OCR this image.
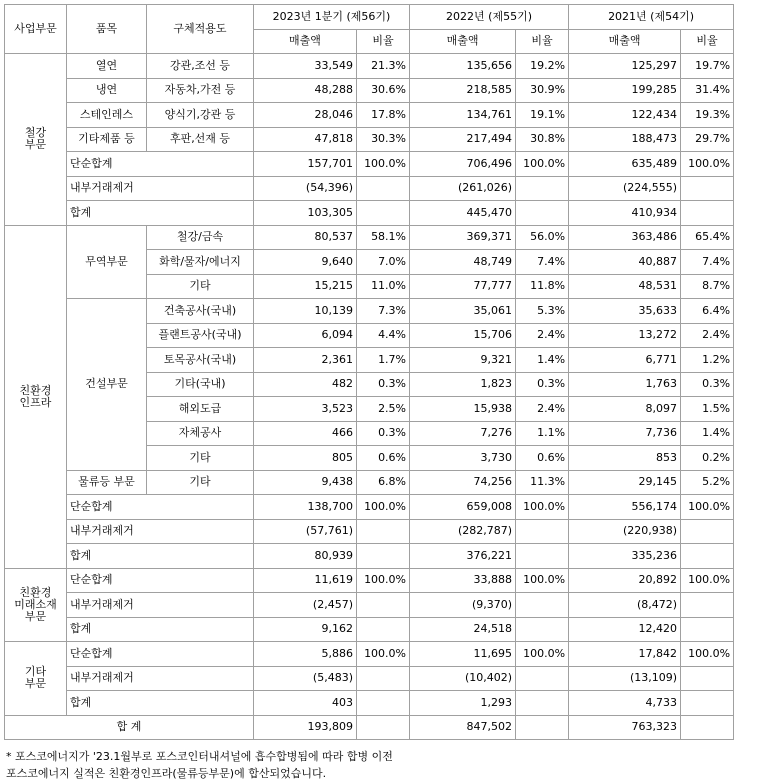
사업부문	품목	구체적용도	2023년 1분기 (제56기)		2022년 (제55기)		2021년 (제54기)	
			매출액	비율	매출액	비율	매출액	비율

철강
부문	열연	강관,조선 등	33,549	21.3%	135,656	19.2%	125,297	19.7%
	냉연	자동차,가전 등	48,288	30.6%	218,585	30.9%	199,285	31.4%
	스테인레스	양식기,강관 등	28,046	17.8%	134,761	19.1%	122,434	19.3%
	기타제품 등	후판,선재 등	47,818	30.3%	217,494	30.8%	188,473	29.7%
	단순합계		157,701	100.0%	706,496	100.0%	635,489	100.0%
	내부거래제거		(54,396)		(261,026)		(224,555)	
	합계		103,305		445,470		410,934	

친환경
인프라	무역부문	철강/금속	80,537	58.1%	369,371	56.0%	363,486	65.4%
		화학/물자/에너지	9,640	7.0%	48,749	7.4%	40,887	7.4%
		기타	15,215	11.0%	77,777	11.8%	48,531	8.7%
	건설부문	건축공사(국내)	10,139	7.3%	35,061	5.3%	35,633	6.4%
		플랜트공사(국내)	6,094	4.4%	15,706	2.4%	13,272	2.4%
		토목공사(국내)	2,361	1.7%	9,321	1.4%	6,771	1.2%
		기타(국내)	482	0.3%	1,823	0.3%	1,763	0.3%
		해외도급	3,523	2.5%	15,938	2.4%	8,097	1.5%
		자체공사	466	0.3%	7,276	1.1%	7,736	1.4%
		기타	805	0.6%	3,730	0.6%	853	0.2%
	물류등 부문	기타	9,438	6.8%	74,256	11.3%	29,145	5.2%
	단순합계		138,700	100.0%	659,008	100.0%	556,174	100.0%
	내부거래제거		(57,761)		(282,787)		(220,938)	
	합계		80,939		376,221		335,236	

친환경
미래소재
부문	단순합계		11,619	100.0%	33,888	100.0%	20,892	100.0%
	내부거래제거		(2,457)		(9,370)		(8,472)	
	합계		9,162		24,518		12,420	

기타
부문	단순합계		5,886	100.0%	11,695	100.0%	17,842	100.0%
	내부거래제거		(5,483)		(10,402)		(13,109)	
	합계		403		1,293		4,733	
합 계			193,809		847,502		763,323	
* 포스코에너지가 '23.1월부로 포스코인터내셔널에 흡수합병됨에 따라 합병 이전
포스코에너지 실적은 친환경인프라(물류등부문)에 합산되었습니다.
